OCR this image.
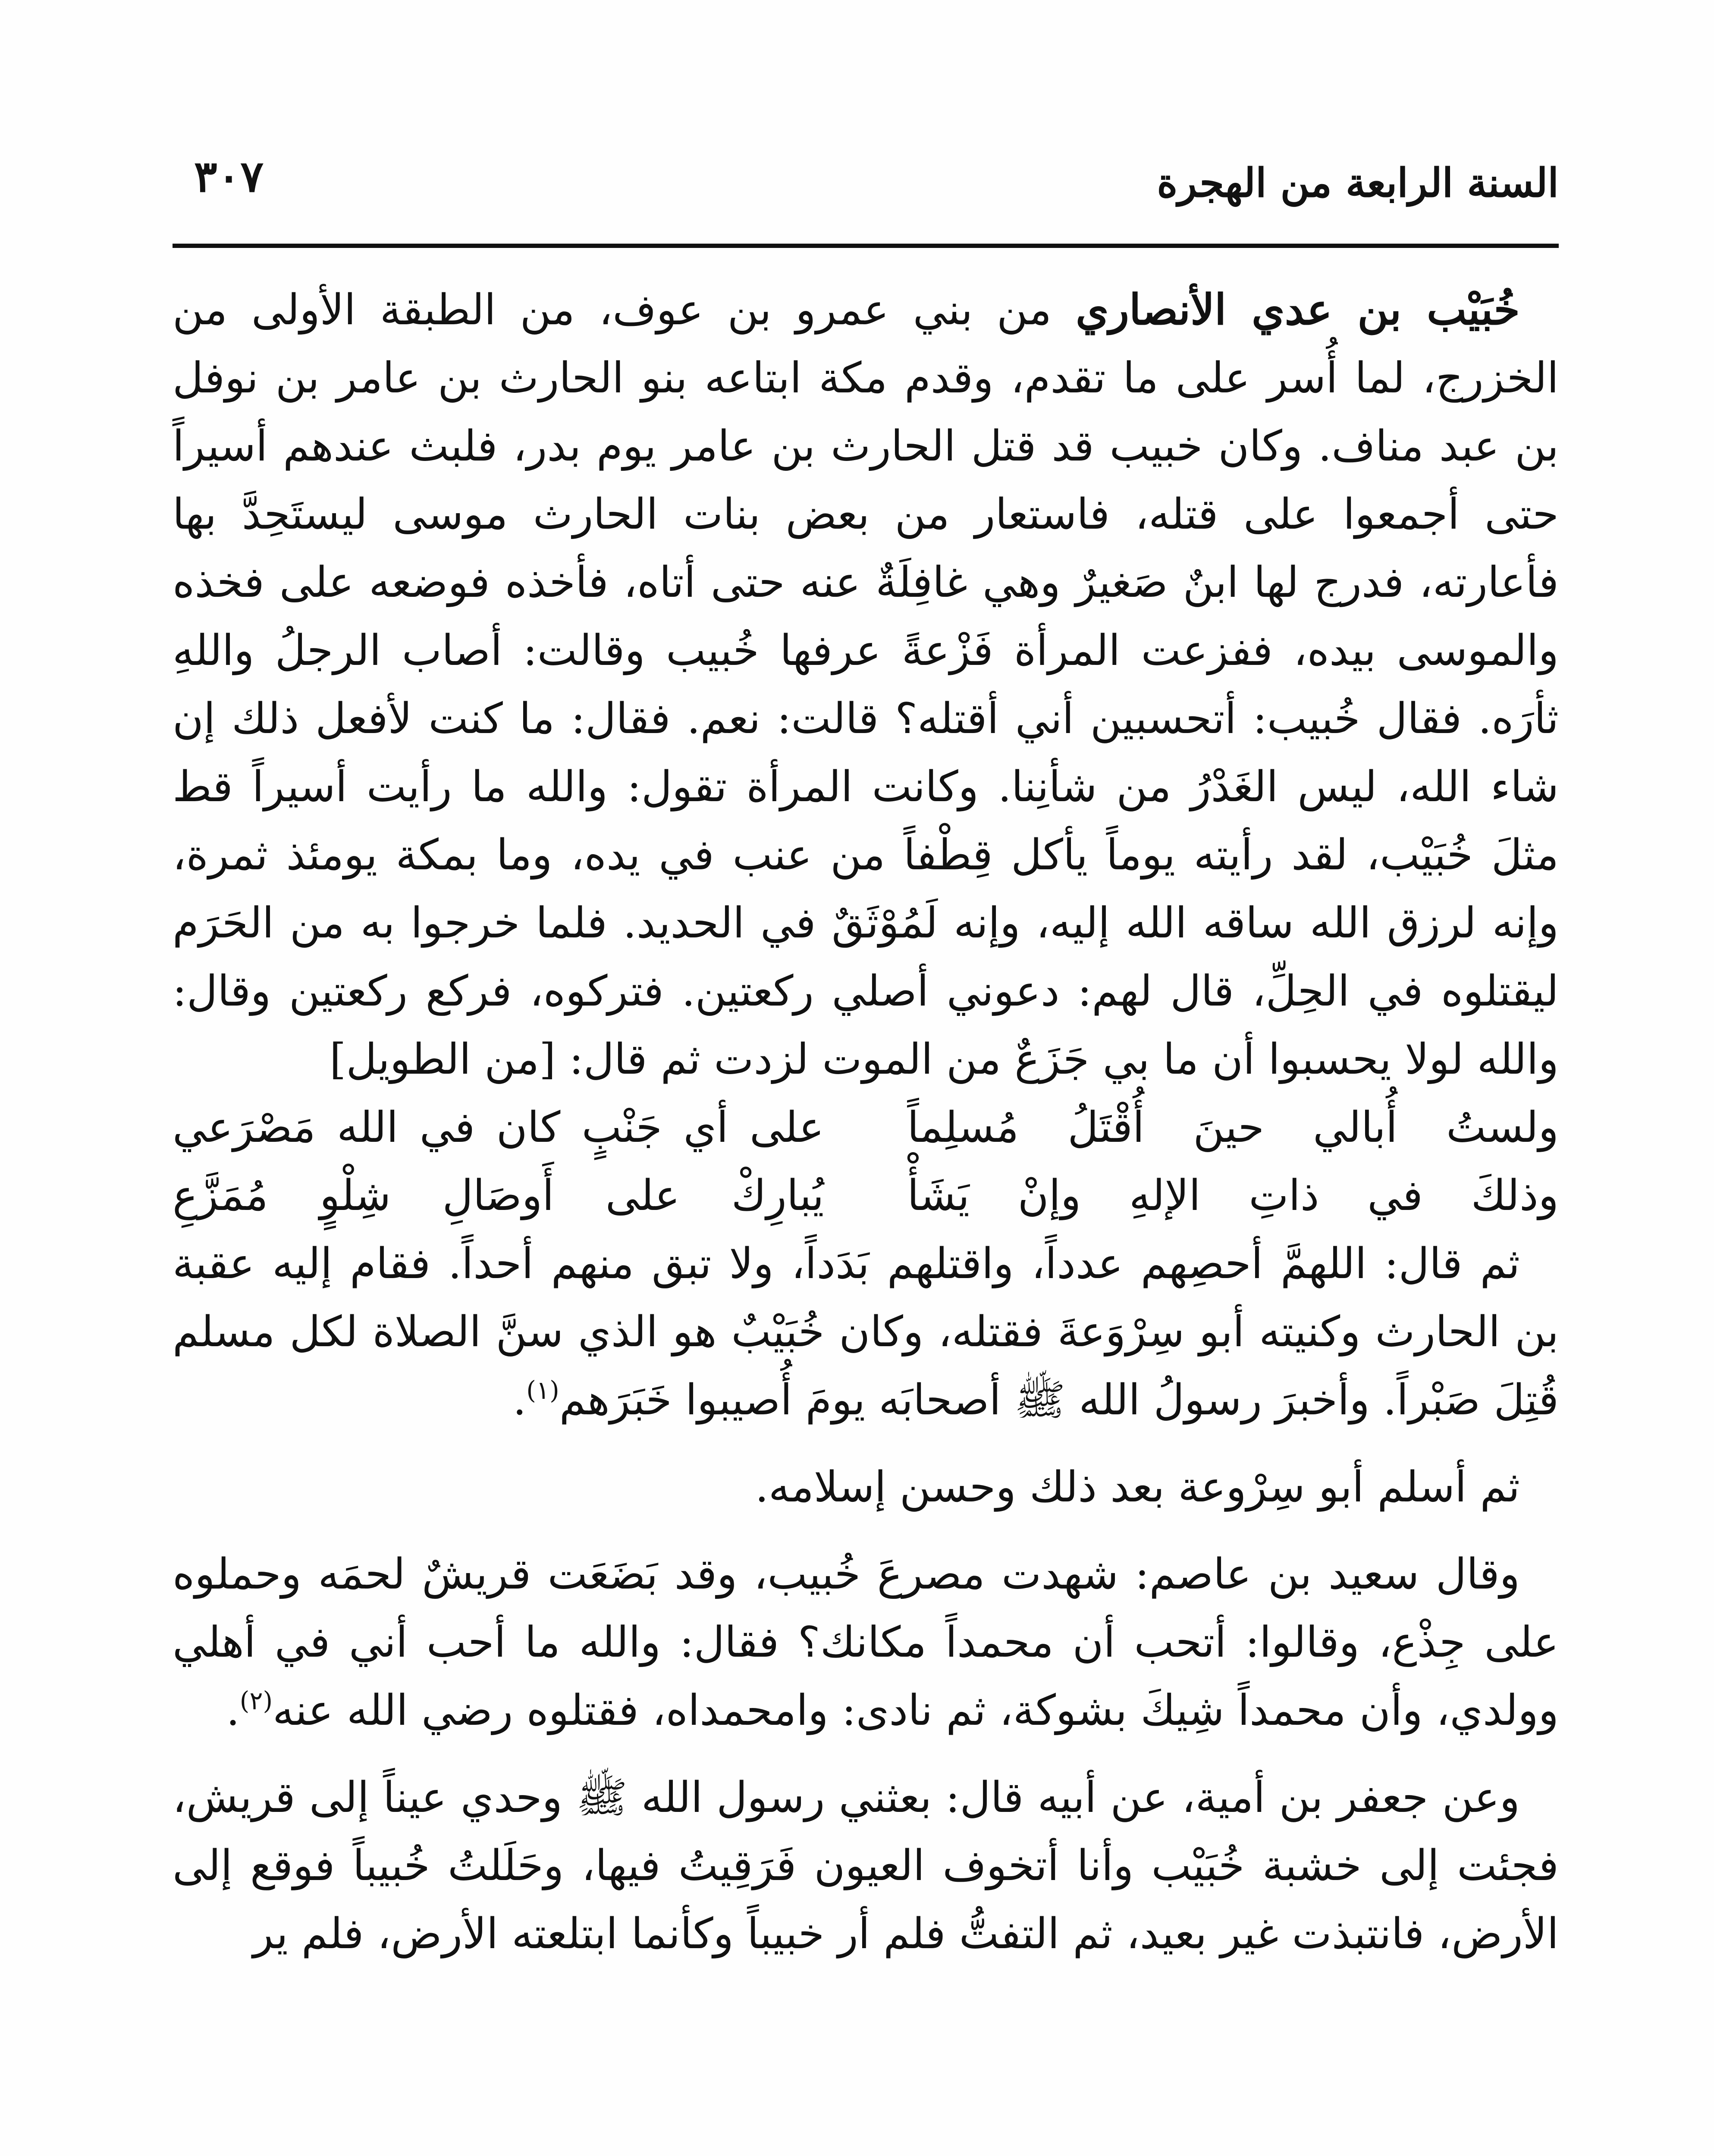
السنة الرابعة من الهجرة
٣٠٧

خُبَيْب بن عدي الأنصاري من بني عمرو بن عوف، من الطبقة الأولى من الخزرج، لما أُسر على ما تقدم، وقدم مكة ابتاعه بنو الحارث بن عامر بن نوفل بن عبد مناف. وكان خبيب قد قتل الحارث بن عامر يوم بدر، فلبث عندهم أسيراً حتى أجمعوا على قتله، فاستعار من بعض بنات الحارث موسى ليستَحِدَّ بها فأعارته، فدرج لها ابنٌ صَغيرٌ وهي غافِلَةٌ عنه حتى أتاه، فأخذه فوضعه على فخذه والموسى بيده، ففزعت المرأة فَزْعةً عرفها خُبيب وقالت: أصاب الرجلُ واللهِ ثأرَه. فقال خُبيب: أتحسبين أني أقتله؟ قالت: نعم. فقال: ما كنت لأفعل ذلك إن شاء الله، ليس الغَدْرُ من شأنِنا. وكانت المرأة تقول: والله ما رأيت أسيراً قط مثلَ خُبَيْب، لقد رأيته يوماً يأكل قِطْفاً من عنب في يده، وما بمكة يومئذ ثمرة، وإنه لرزق الله ساقه الله إليه، وإنه لَمُوْثَقٌ في الحديد. فلما خرجوا به من الحَرَم ليقتلوه في الحِلِّ، قال لهم: دعوني أصلي ركعتين. فتركوه، فركع ركعتين وقال: والله لولا يحسبوا أن ما بي جَزَعٌ من الموت لزدت ثم قال: [من الطويل]

ولستُ أُبالي حينَ أُقْتَلُ مُسلِماً
على أي جَنْبٍ كان في الله مَصْرَعي
وذلكَ في ذاتِ الإلهِ وإنْ يَشَأْ
يُبارِكْ على أَوصَالِ شِلْوٍ مُمَزَّعِ

ثم قال: اللهمَّ أحصِهم عدداً، واقتلهم بَدَداً، ولا تبق منهم أحداً. فقام إليه عقبة بن الحارث وكنيته أبو سِرْوَعةَ فقتله، وكان خُبَيْبٌ هو الذي سنَّ الصلاة لكل مسلم قُتِلَ صَبْراً. وأخبرَ رسولُ الله ﷺ أصحابَه يومَ أُصيبوا خَبَرَهم$^{(١)}$.

ثم أسلم أبو سِرْوعة بعد ذلك وحسن إسلامه.

وقال سعيد بن عاصم: شهدت مصرعَ خُبيب، وقد بَضَعَت قريشٌ لحمَه وحملوه على جِذْع، وقالوا: أتحب أن محمداً مكانك؟ فقال: والله ما أحب أني في أهلي وولدي، وأن محمداً شِيكَ بشوكة، ثم نادى: وامحمداه، فقتلوه رضي الله عنه$^{(٢)}$.

وعن جعفر بن أمية، عن أبيه قال: بعثني رسول الله ﷺ وحدي عيناً إلى قريش، فجئت إلى خشبة خُبَيْب وأنا أتخوف العيون فَرَقِيتُ فيها، وحَلَلتُ خُبيباً فوقع إلى الأرض، فانتبذت غير بعيد، ثم التفتُّ فلم أر خبيباً وكأنما ابتلعته الأرض، فلم ير
